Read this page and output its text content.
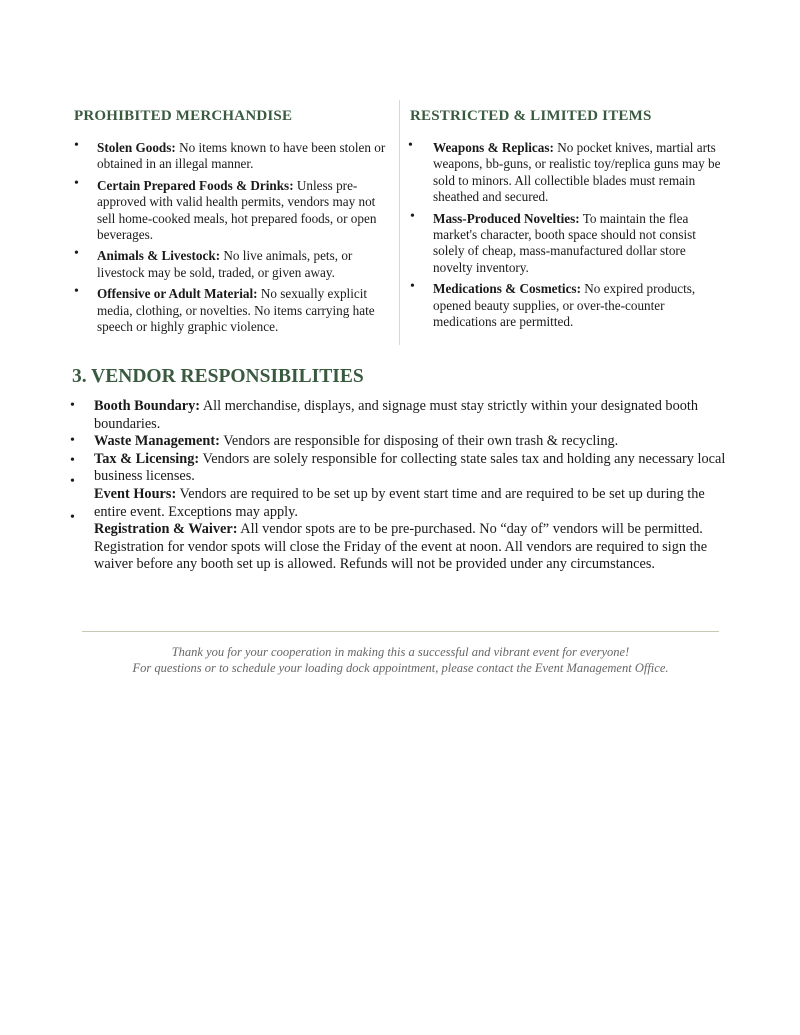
PROHIBITED MERCHANDISE	RESTRICTED & LIMITED ITEMS
• Stolen Goods: No items known to have been stolen or obtained in an illegal manner.
• Certain Prepared Foods & Drinks: Unless pre-approved with valid health permits, vendors may not sell home-cooked meals, hot prepared foods, or open beverages.
• Animals & Livestock: No live animals, pets, or livestock may be sold, traded, or given away.
• Offensive or Adult Material: No sexually explicit media, clothing, or novelties. No items carrying hate speech or highly graphic violence.
• Weapons & Replicas: No pocket knives, martial arts weapons, bb-guns, or realistic toy/replica guns may be sold to minors. All collectible blades must remain sheathed and secured.
• Mass-Produced Novelties: To maintain the flea market's character, booth space should not consist solely of cheap, mass-manufactured dollar store novelty inventory.
• Medications & Cosmetics: No expired products, opened beauty supplies, or over-the-counter medications are permitted.
3. VENDOR RESPONSIBILITIES
•
•
•
•
•

Booth Boundary: All merchandise, displays, and signage must stay strictly within your designated booth boundaries.

Waste Management: Vendors are responsible for disposing of their own trash & recycling.

Tax & Licensing: Vendors are solely responsible for collecting state sales tax and holding any necessary local business licenses.

Event Hours: Vendors are required to be set up by event start time and are required to be set up during the entire event. Exceptions may apply.

Registration & Waiver: All vendor spots are to be pre-purchased. No “day of” vendors will be permitted. Registration for vendor spots will close the Friday of the event at noon. All vendors are required to sign the waiver before any booth set up is allowed. Refunds will not be provided under any circumstances.

Thank you for your cooperation in making this a successful and vibrant event for everyone!
For questions or to schedule your loading dock appointment, please contact the Event Management Office.
